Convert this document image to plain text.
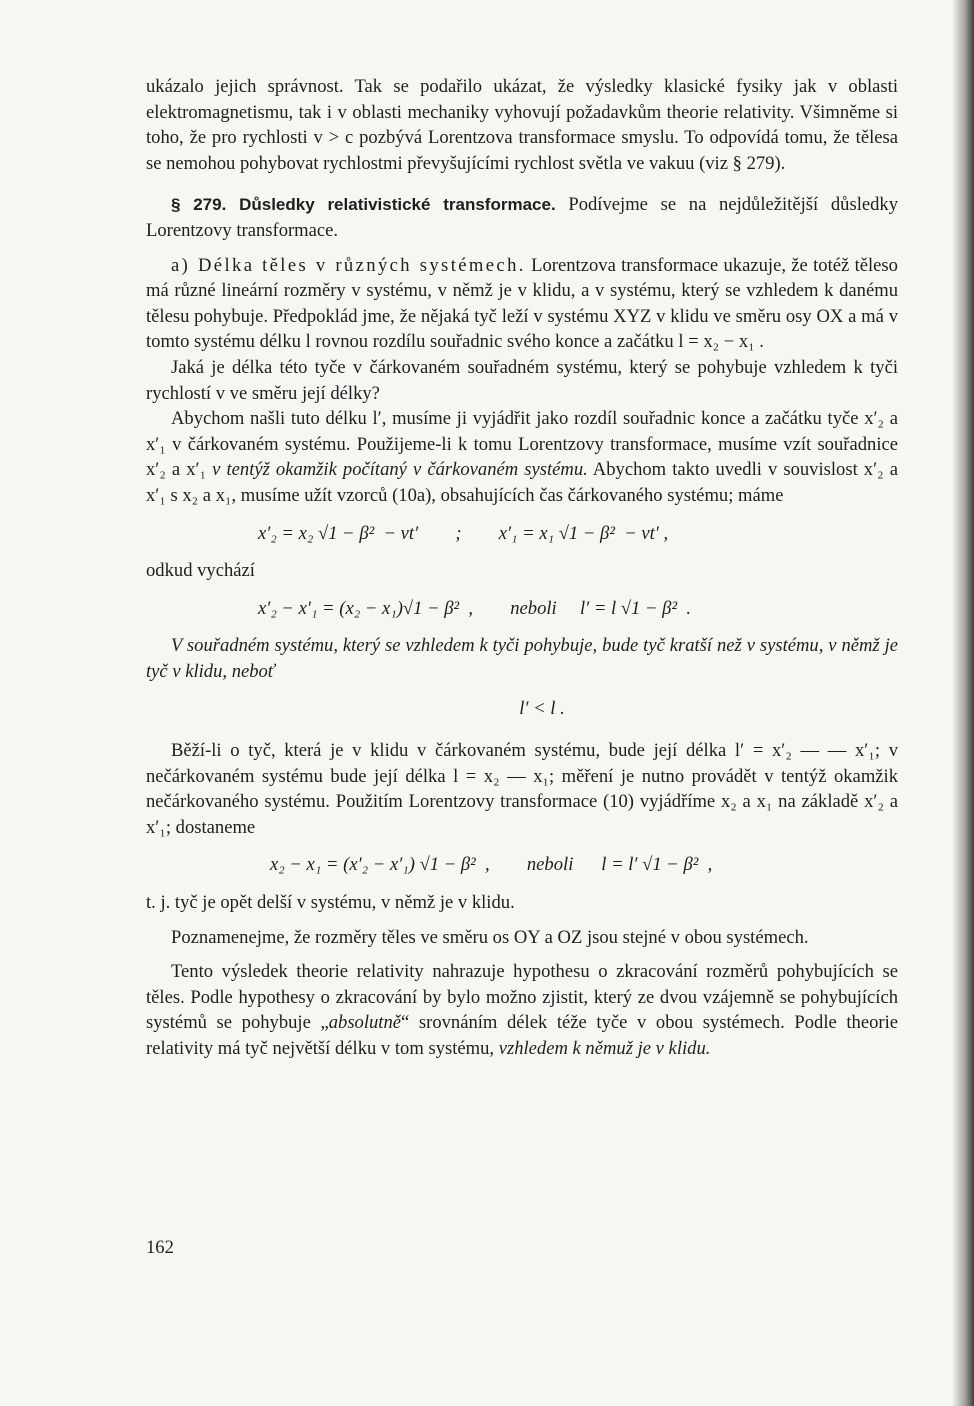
ukázalo jejich správnost. Tak se podařilo ukázat, že výsledky klasické fysiky jak v oblasti elektromagnetismu, tak i v oblasti mechaniky vyhovují požadavkům theorie relativity. Všimněme si toho, že pro rychlosti v > c pozbývá Lorentzova transformace smyslu. To odpovídá tomu, že tělesa se nemohou pohybovat rychlostmi převyšujícími rychlost světla ve vakuu (viz § 279).

§ 279. Důsledky relativistické transformace. Podívejme se na nejdůležitější důsledky Lorentzovy transformace.

a) Délka těles v různých systémech. Lorentzova transformace ukazuje, že totéž těleso má různé lineární rozměry v systému, v němž je v klidu, a v systému, který se vzhledem k danému tělesu pohybuje. Předpoklád jme, že nějaká tyč leží v systému XYZ v klidu ve směru osy OX a má v tomto systému délku l rovnou rozdílu souřadnic svého konce a začátku l = x₂ − x₁ .

Jaká je délka této tyče v čárkovaném souřadném systému, který se pohybuje vzhledem k tyči rychlostí v ve směru její délky?

Abychom našli tuto délku l′, musíme ji vyjádřit jako rozdíl souřadnic konce a začátku tyče x′₂ a x′₁ v čárkovaném systému. Použijeme-li k tomu Lorentzovy transformace, musíme vzít souřadnice x′₂ a x′₁ v tentýž okamžik počítaný v čárkovaném systému. Abychom takto uvedli v souvislost x′₂ a x′₁ s x₂ a x₁, musíme užít vzorců (10a), obsahujících čas čárkovaného systému; máme

x′₂ = x₂ √1 − β²  − vt′        ;        x′₁ = x₁ √1 − β²  − vt′ ,

odkud vychází

x′₂ − x′₁ = (x₂ − x₁)√1 − β²  ,        neboli     l′ = l √1 − β²  .

V souřadném systému, který se vzhledem k tyči pohybuje, bude tyč kratší než v systému, v němž je tyč v klidu, neboť

l′ < l .

Běží-li o tyč, která je v klidu v čárkovaném systému, bude její délka l′ = x′₂ — — x′₁; v nečárkovaném systému bude její délka l = x₂ — x₁; měření je nutno provádět v tentýž okamžik nečárkovaného systému. Použitím Lorentzovy transformace (10) vyjádříme x₂ a x₁ na základě x′₂ a x′₁; dostaneme

x₂ − x₁ = (x′₂ − x′₁) √1 − β²  ,        neboli      l = l′ √1 − β²  ,

t. j. tyč je opět delší v systému, v němž je v klidu.

Poznamenejme, že rozměry těles ve směru os OY a OZ jsou stejné v obou systémech.

Tento výsledek theorie relativity nahrazuje hypothesu o zkracování rozměrů pohybujících se těles. Podle hypothesy o zkracování by bylo možno zjistit, který ze dvou vzájemně se pohybujících systémů se pohybuje „absolutně“ srovnáním délek téže tyče v obou systémech. Podle theorie relativity má tyč největší délku v tom systému, vzhledem k němuž je v klidu.

162
